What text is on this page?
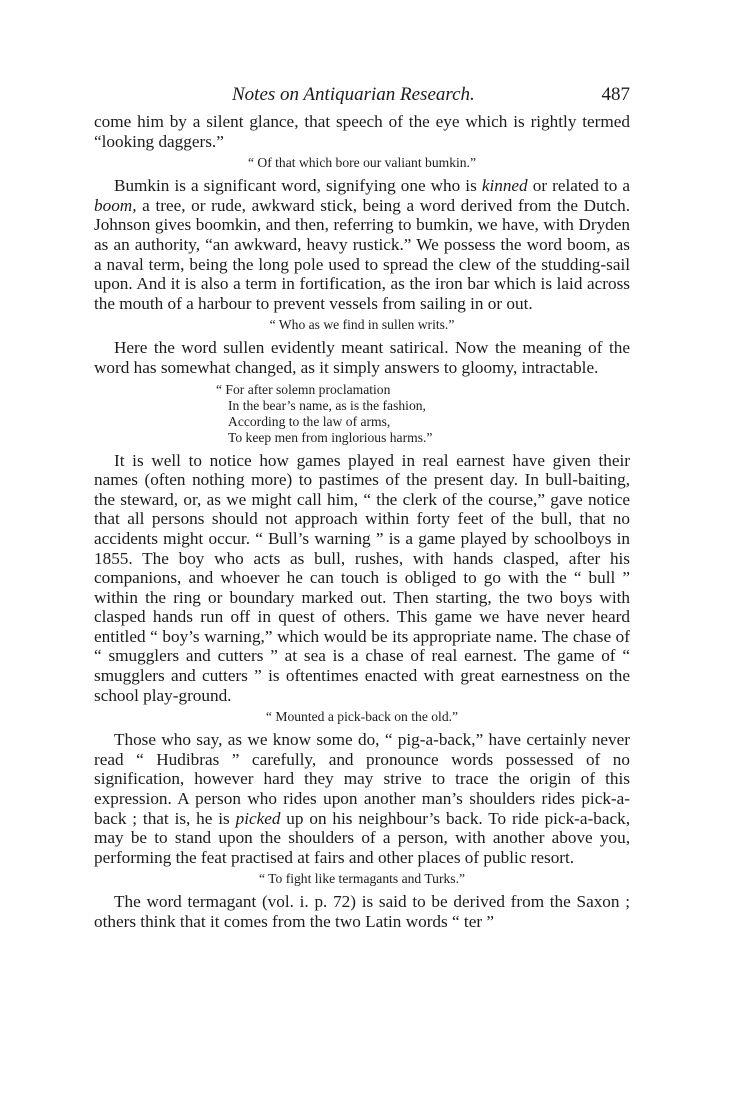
Notes on Antiquarian Research.	487

come him by a silent glance, that speech of the eye which is rightly termed “looking daggers.”

“ Of that which bore our valiant bumkin.”

Bumkin is a significant word, signifying one who is kinned or related to a boom, a tree, or rude, awkward stick, being a word derived from the Dutch. Johnson gives boomkin, and then, referring to bumkin, we have, with Dryden as an authority, “an awkward, heavy rustick.” We possess the word boom, as a naval term, being the long pole used to spread the clew of the studding-sail upon. And it is also a term in fortification, as the iron bar which is laid across the mouth of a harbour to prevent vessels from sailing in or out.

“ Who as we find in sullen writs.”

Here the word sullen evidently meant satirical. Now the meaning of the word has somewhat changed, as it simply answers to gloomy, intractable.

“ For after solemn proclamation
In the bear’s name, as is the fashion,
According to the law of arms,
To keep men from inglorious harms.”

It is well to notice how games played in real earnest have given their names (often nothing more) to pastimes of the present day. In bull-baiting, the steward, or, as we might call him, “ the clerk of the course,” gave notice that all persons should not approach within forty feet of the bull, that no accidents might occur. “ Bull’s warning ” is a game played by schoolboys in 1855. The boy who acts as bull, rushes, with hands clasped, after his companions, and whoever he can touch is obliged to go with the “ bull ” within the ring or boundary marked out. Then starting, the two boys with clasped hands run off in quest of others. This game we have never heard entitled “ boy’s warning,” which would be its appropriate name. The chase of “ smugglers and cutters ” at sea is a chase of real earnest. The game of “ smugglers and cutters ” is oftentimes enacted with great earnestness on the school play-ground.

“ Mounted a pick-back on the old.”

Those who say, as we know some do, “ pig-a-back,” have certainly never read “ Hudibras ” carefully, and pronounce words possessed of no signification, however hard they may strive to trace the origin of this expression. A person who rides upon another man’s shoulders rides pick-a-back ; that is, he is picked up on his neighbour’s back. To ride pick-a-back, may be to stand upon the shoulders of a person, with another above you, performing the feat practised at fairs and other places of public resort.

“ To fight like termagants and Turks.”

The word termagant (vol. i. p. 72) is said to be derived from the Saxon ; others think that it comes from the two Latin words “ ter ”
